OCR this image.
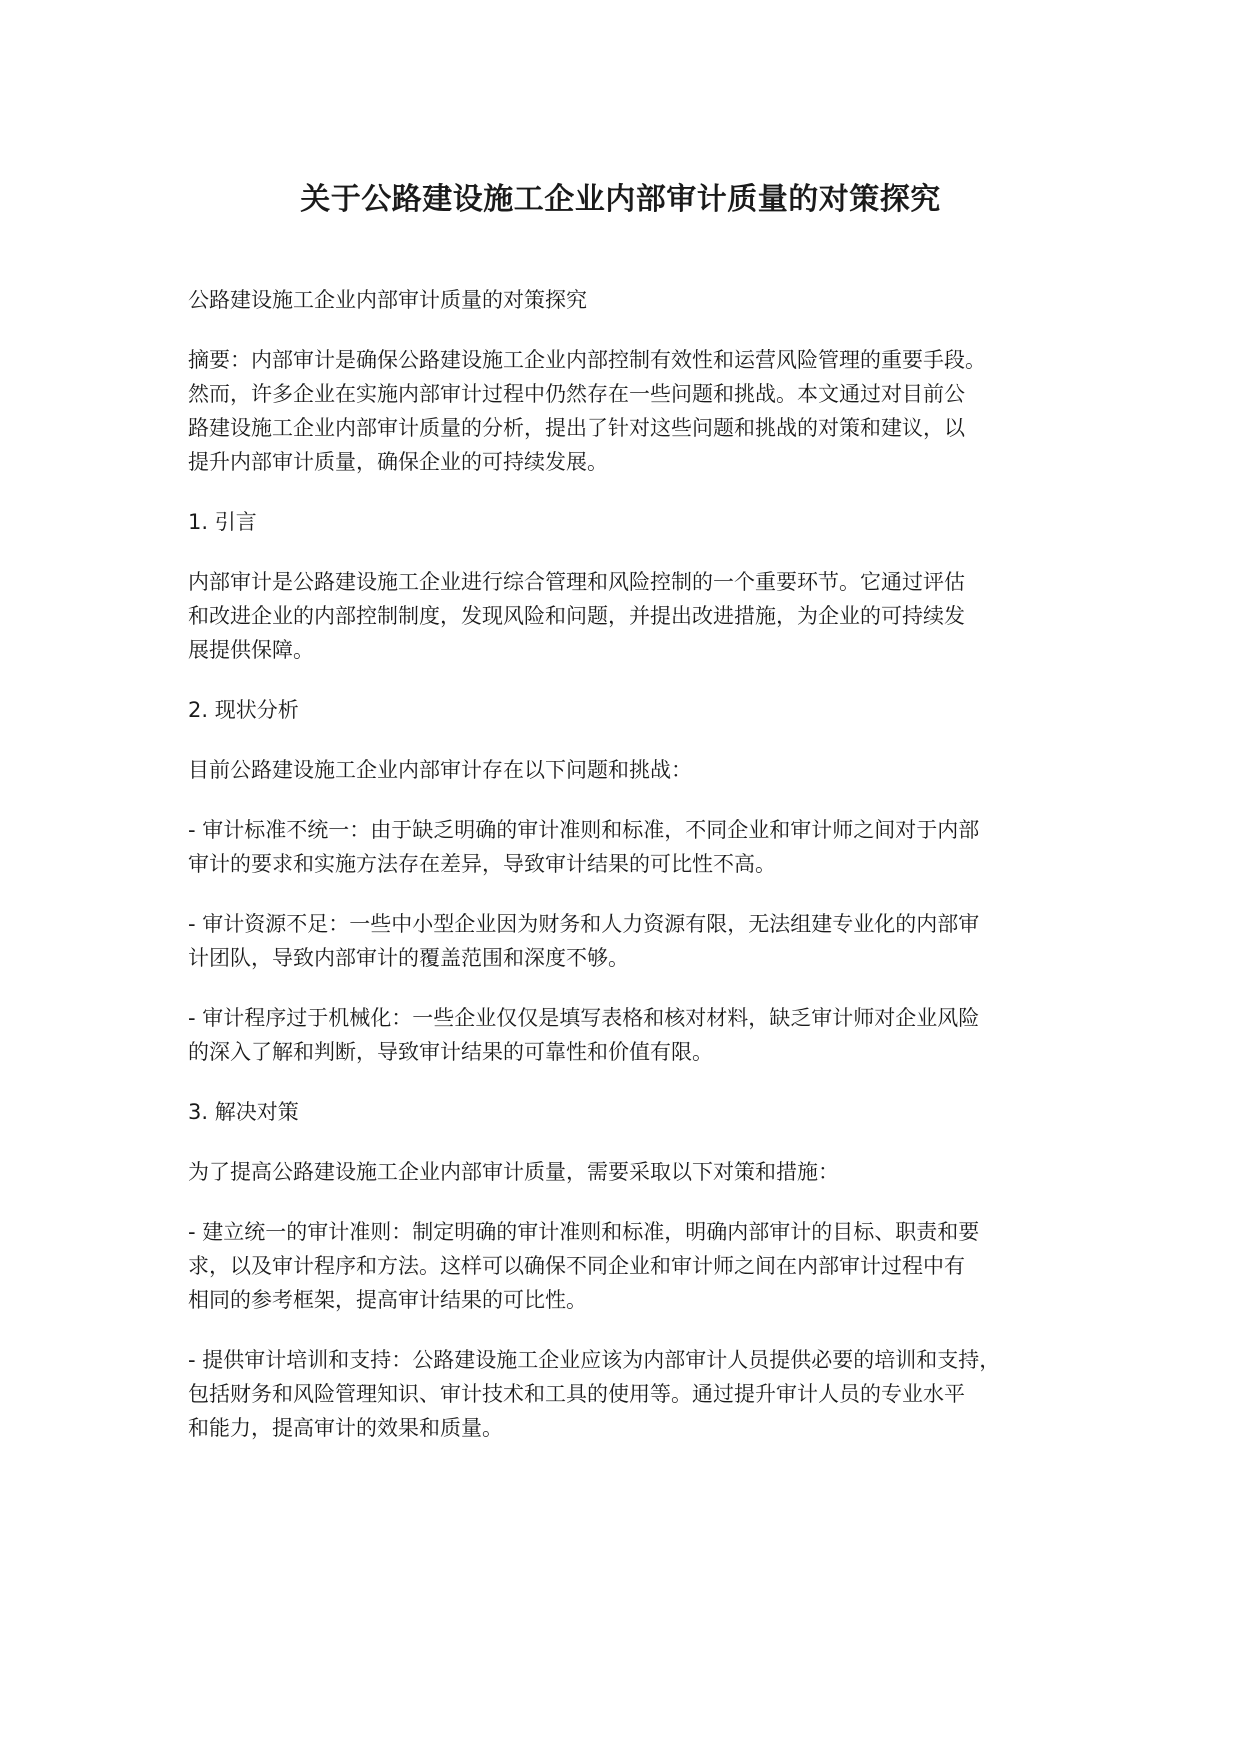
关于公路建设施工企业内部审计质量的对策探究

公路建设施工企业内部审计质量的对策探究

摘要：内部审计是确保公路建设施工企业内部控制有效性和运营风险管理的重要手段。
然而，许多企业在实施内部审计过程中仍然存在一些问题和挑战。本文通过对目前公
路建设施工企业内部审计质量的分析，提出了针对这些问题和挑战的对策和建议，以
提升内部审计质量，确保企业的可持续发展。

1. 引言

内部审计是公路建设施工企业进行综合管理和风险控制的一个重要环节。它通过评估
和改进企业的内部控制制度，发现风险和问题，并提出改进措施，为企业的可持续发
展提供保障。

2. 现状分析

目前公路建设施工企业内部审计存在以下问题和挑战：

- 审计标准不统一：由于缺乏明确的审计准则和标准，不同企业和审计师之间对于内部
审计的要求和实施方法存在差异，导致审计结果的可比性不高。

- 审计资源不足：一些中小型企业因为财务和人力资源有限，无法组建专业化的内部审
计团队，导致内部审计的覆盖范围和深度不够。

- 审计程序过于机械化：一些企业仅仅是填写表格和核对材料，缺乏审计师对企业风险
的深入了解和判断，导致审计结果的可靠性和价值有限。

3. 解决对策

为了提高公路建设施工企业内部审计质量，需要采取以下对策和措施：

- 建立统一的审计准则：制定明确的审计准则和标准，明确内部审计的目标、职责和要
求，以及审计程序和方法。这样可以确保不同企业和审计师之间在内部审计过程中有
相同的参考框架，提高审计结果的可比性。

- 提供审计培训和支持：公路建设施工企业应该为内部审计人员提供必要的培训和支持，
包括财务和风险管理知识、审计技术和工具的使用等。通过提升审计人员的专业水平
和能力，提高审计的效果和质量。
